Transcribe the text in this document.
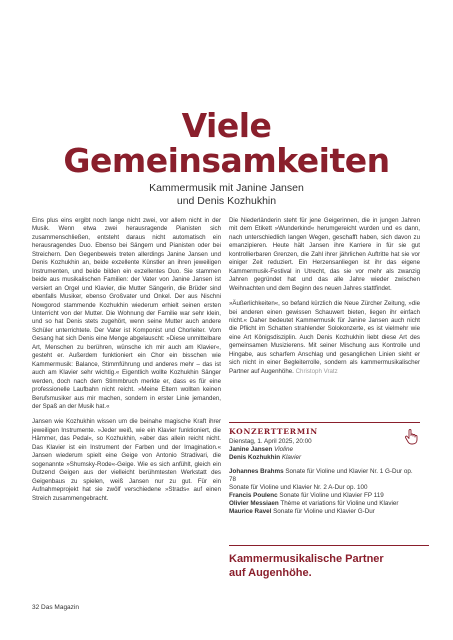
Viele
Gemeinsamkeiten
Kammermusik mit Janine Jansen
und Denis Kozhukhin

Eins plus eins ergibt noch lange nicht zwei, vor allem nicht in der Musik. Wenn etwa zwei herausragende Pianisten sich zusammenschließen, entsteht daraus nicht automatisch ein herausragendes Duo. Ebenso bei Sängern und Pianisten oder bei Streichern. Den Gegenbeweis treten allerdings Janine Jansen und Denis Kozhukhin an, beide exzellente Künstler an ihren jeweiligen Instrumenten, und beide bilden ein exzellentes Duo. Sie stammen beide aus musikalischen Familien: der Vater von Janine Jansen ist versiert an Orgel und Klavier, die Mutter Sängerin, die Brüder sind ebenfalls Musiker, ebenso Großvater und Onkel. Der aus Nischni Nowgorod stammende Kozhukhin wiederum erhielt seinen ersten Unterricht von der Mutter. Die Wohnung der Familie war sehr klein, und so hat Denis stets zugehört, wenn seine Mutter auch andere Schüler unterrichtete. Der Vater ist Komponist und Chorleiter. Vom Gesang hat sich Denis eine Menge abgelauscht: »Diese unmittelbare Art, Menschen zu berühren, wünsche ich mir auch am Klavier«, gesteht er. Außerdem funktioniert ein Chor ein bisschen wie Kammermusik: Balance, Stimmführung und anderes mehr – das ist auch am Klavier sehr wichtig.« Eigentlich wollte Kozhukhin Sänger werden, doch nach dem Stimmbruch merkte er, dass es für eine professionelle Laufbahn nicht reicht. »Meine Eltern wollten keinen Berufsmusiker aus mir machen, sondern in erster Linie jemanden, der Spaß an der Musik hat.«

Jansen wie Kozhukhin wissen um die beinahe magische Kraft ihrer jeweiligen Instrumente. »Jeder weiß, wie ein Klavier funktioniert, die Hämmer, das Pedal«, so Kozhukhin, »aber das allein reicht nicht. Das Klavier ist ein Instrument der Farben und der Imagination.« Jansen wiederum spielt eine Geige von Antonio Stradivari, die sogenannte »Shumsky-Rode«-Geige. Wie es sich anfühlt, gleich ein Dutzend Geigen aus der vielleicht berühmtesten Werkstatt des Geigenbaus zu spielen, weiß Jansen nur zu gut. Für ein Aufnahmeprojekt hat sie zwölf verschiedene »Strads« auf einen Streich zusammengebracht.

Die Niederländerin steht für jene Geigerinnen, die in jungen Jahren mit dem Etikett »Wunderkind« herumgereicht wurden und es dann, nach unterschiedlich langen Wegen, geschafft haben, sich davon zu emanzipieren. Heute hält Jansen ihre Karriere in für sie gut kontrollierbaren Grenzen, die Zahl ihrer jährlichen Auftritte hat sie vor einiger Zeit reduziert. Ein Herzensanliegen ist ihr das eigene Kammermusik-Festival in Utrecht, das sie vor mehr als zwanzig Jahren gegründet hat und das alle Jahre wieder zwischen Weihnachten und dem Beginn des neuen Jahres stattfindet.

»Äußerlichkeiten«, so befand kürzlich die Neue Zürcher Zeitung, »die bei anderen einen gewissen Schauwert bieten, liegen ihr einfach nicht.« Daher bedeutet Kammermusik für Janine Jansen auch nicht die Pflicht im Schatten strahlender Solokonzerte, es ist vielmehr wie eine Art Königsdisziplin. Auch Denis Kozhukhin liebt diese Art des gemeinsamen Musizierens. Mit seiner Mischung aus Kontrolle und Hingabe, aus scharfem Anschlag und gesanglichen Linien sieht er sich nicht in einer Begleiterrolle, sondern als kammermusikalischer Partner auf Augenhöhe. Christoph Vratz

KONZERTTERMIN
Dienstag, 1. April 2025, 20:00
Janine Jansen Violine
Denis Kozhukhin Klavier
Johannes Brahms Sonate für Violine und Klavier Nr. 1 G-Dur op. 78
Sonate für Violine und Klavier Nr. 2 A-Dur op. 100
Francis Poulenc Sonate für Violine und Klavier FP 119
Olivier Messiaen Thème et variations für Violine und Klavier
Maurice Ravel Sonate für Violine und Klavier G-Dur
Kammermusikalische Partner
auf Augenhöhe.
32 Das Magazin
